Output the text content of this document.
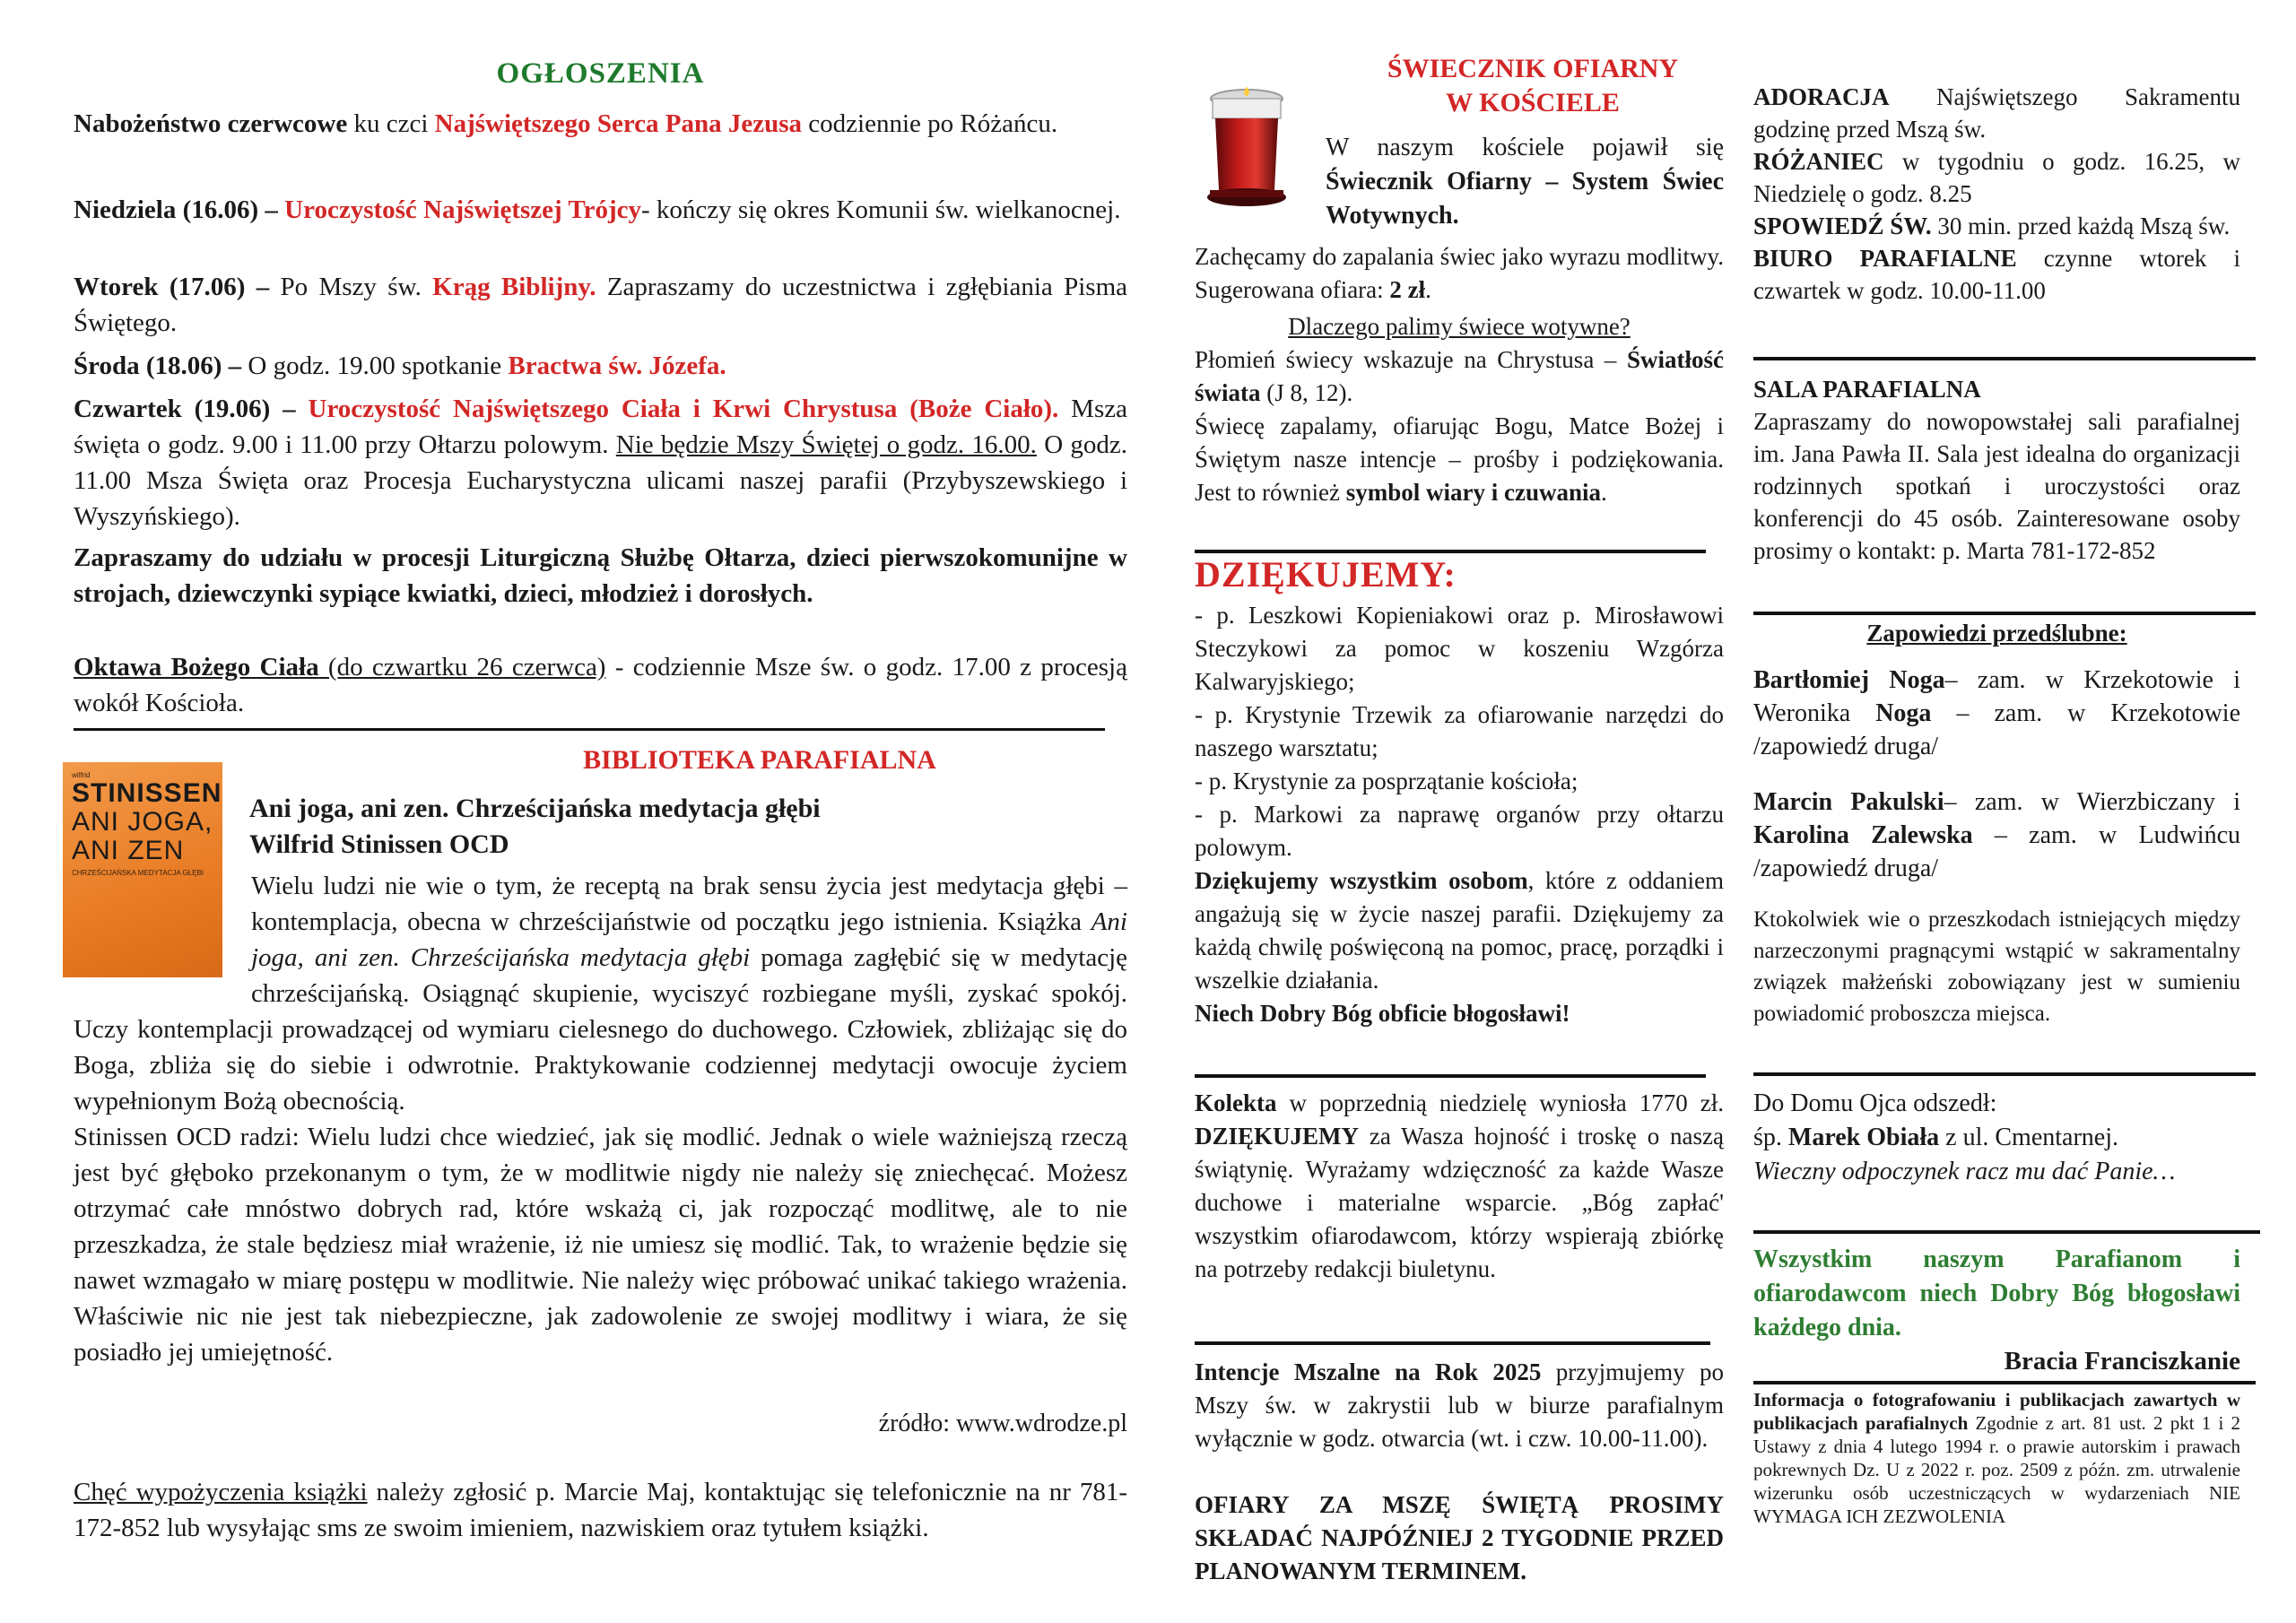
OGŁOSZENIA

Nabożeństwo czerwcowe ku czci Najświętszego Serca Pana Jezusa codziennie po Różańcu.

Niedziela (16.06) – Uroczystość Najświętszej Trójcy- kończy się okres Komunii św. wielkanocnej.

Wtorek (17.06) – Po Mszy św. Krąg Biblijny. Zapraszamy do uczestnictwa i zgłębiania Pisma Świętego.

Środa (18.06) – O godz. 19.00 spotkanie Bractwa św. Józefa.

Czwartek (19.06) – Uroczystość Najświętszego Ciała i Krwi Chrystusa (Boże Ciało). Msza święta o godz. 9.00 i 11.00 przy Ołtarzu polowym. Nie będzie Mszy Świętej o godz. 16.00. O godz. 11.00 Msza Święta oraz Procesja Eucharystyczna ulicami naszej parafii (Przybyszewskiego i Wyszyńskiego).

Zapraszamy do udziału w procesji Liturgiczną Służbę Ołtarza, dzieci pierwszokomunijne w strojach, dziewczynki sypiące kwiatki, dzieci, młodzież i dorosłych.

Oktawa Bożego Ciała (do czwartku 26 czerwca) - codziennie Msze św. o godz. 17.00 z procesją wokół Kościoła.

BIBLIOTEKA PARAFIALNA
wilfrid
STINISSEN
ANI JOGA,
ANI ZEN
CHRZEŚCIJAŃSKA MEDYTACJA GŁĘBI
Ani joga, ani zen. Chrześcijańska medytacja głębi
Wilfrid Stinissen OCD
Wielu ludzi nie wie o tym, że receptą na brak sensu życia jest medytacja głębi – kontemplacja, obecna w chrześcijaństwie od początku jego istnienia. Książka Ani joga, ani zen. Chrześcijańska medytacja głębi pomaga zagłębić się w medytację chrześcijańską. Osiągnąć skupienie, wyciszyć rozbiegane myśli, zyskać spokój. Uczy kontemplacji prowadzącej od wymiaru cielesnego do duchowego. Człowiek, zbliżając się do Boga, zbliża się do siebie i odwrotnie. Praktykowanie codziennej medytacji owocuje życiem wypełnionym Bożą obecnością.
Stinissen OCD radzi: Wielu ludzi chce wiedzieć, jak się modlić. Jednak o wiele ważniejszą rzeczą jest być głęboko przekonanym o tym, że w modlitwie nigdy nie należy się zniechęcać. Możesz otrzymać całe mnóstwo dobrych rad, które wskażą ci, jak rozpocząć modlitwę, ale to nie przeszkadza, że stale będziesz miał wrażenie, iż nie umiesz się modlić. Tak, to wrażenie będzie się nawet wzmagało w miarę postępu w modlitwie. Nie należy więc próbować unikać takiego wrażenia. Właściwie nic nie jest tak niebezpieczne, jak zadowolenie ze swojej modlitwy i wiara, że się posiadło jej umiejętność.
źródło: www.wdrodze.pl
Chęć wypożyczenia książki należy zgłosić p. Marcie Maj, kontaktując się telefonicznie na nr 781-172-852 lub wysyłając sms ze swoim imieniem, nazwiskiem oraz tytułem książki.
ŚWIECZNIK OFIARNY
W KOŚCIELE

W naszym kościele pojawił się Świecznik Ofiarny – System Świec Wotywnych.

Zachęcamy do zapalania świec jako wyrazu modlitwy. Sugerowana ofiara: 2 zł.

Dlaczego palimy świece wotywne?

Płomień świecy wskazuje na Chrystusa – Światłość świata (J 8, 12).

Świecę zapalamy, ofiarując Bogu, Matce Bożej i Świętym nasze intencje – prośby i podziękowania. Jest to również symbol wiary i czuwania.

DZIĘKUJEMY:

- p. Leszkowi Kopieniakowi oraz p. Mirosławowi Steczykowi za pomoc w koszeniu Wzgórza Kalwaryjskiego;

- p. Krystynie Trzewik za ofiarowanie narzędzi do naszego warsztatu;

- p. Krystynie za posprzątanie kościoła;

- p. Markowi za naprawę organów przy ołtarzu polowym.

Dziękujemy wszystkim osobom, które z oddaniem angażują się w życie naszej parafii. Dziękujemy za każdą chwilę poświęconą na pomoc, pracę, porządki i wszelkie działania.

Niech Dobry Bóg obficie błogosławi!

Kolekta w poprzednią niedzielę wyniosła 1770 zł. DZIĘKUJEMY za Wasza hojność i troskę o naszą świątynię. Wyrażamy wdzięczność za każde Wasze duchowe i materialne wsparcie. „Bóg zapłać' wszystkim ofiarodawcom, którzy wspierają zbiórkę na potrzeby redakcji biuletynu.

Intencje Mszalne na Rok 2025 przyjmujemy po Mszy św. w zakrystii lub w biurze parafialnym wyłącznie w godz. otwarcia (wt. i czw. 10.00-11.00).

OFIARY ZA MSZĘ ŚWIĘTĄ PROSIMY SKŁADAĆ NAJPÓŹNIEJ 2 TYGODNIE PRZED PLANOWANYM TERMINEM.

ADORACJA Najświętszego Sakramentu godzinę przed Mszą św.

RÓŻANIEC w tygodniu o godz. 16.25, w Niedzielę o godz. 8.25

SPOWIEDŹ ŚW. 30 min. przed każdą Mszą św.

BIURO PARAFIALNE czynne wtorek i czwartek w godz. 10.00-11.00

SALA PARAFIALNA

Zapraszamy do nowopowstałej sali parafialnej im. Jana Pawła II. Sala jest idealna do organizacji rodzinnych spotkań i uroczystości oraz konferencji do 45 osób. Zainteresowane osoby prosimy o kontakt: p. Marta 781-172-852

Zapowiedzi przedślubne:

Bartłomiej Noga– zam. w Krzekotowie i Weronika Noga – zam. w Krzekotowie /zapowiedź druga/

Marcin Pakulski– zam. w Wierzbiczany i Karolina Zalewska – zam. w Ludwińcu /zapowiedź druga/

Ktokolwiek wie o przeszkodach istniejących między narzeczonymi pragnącymi wstąpić w sakramentalny związek małżeński zobowiązany jest w sumieniu powiadomić proboszcza miejsca.

Do Domu Ojca odszedł:

śp. Marek Obiała z ul. Cmentarnej.

Wieczny odpoczynek racz mu dać Panie…

Wszystkim naszym Parafianom i ofiarodawcom niech Dobry Bóg błogosławi każdego dnia.

Bracia Franciszkanie

Informacja o fotografowaniu i publikacjach zawartych w publikacjach parafialnych Zgodnie z art. 81 ust. 2 pkt 1 i 2 Ustawy z dnia 4 lutego 1994 r. o prawie autorskim i prawach pokrewnych Dz. U z 2022 r. poz. 2509 z późn. zm. utrwalenie wizerunku osób uczestniczących w wydarzeniach NIE WYMAGA ICH ZEZWOLENIA
